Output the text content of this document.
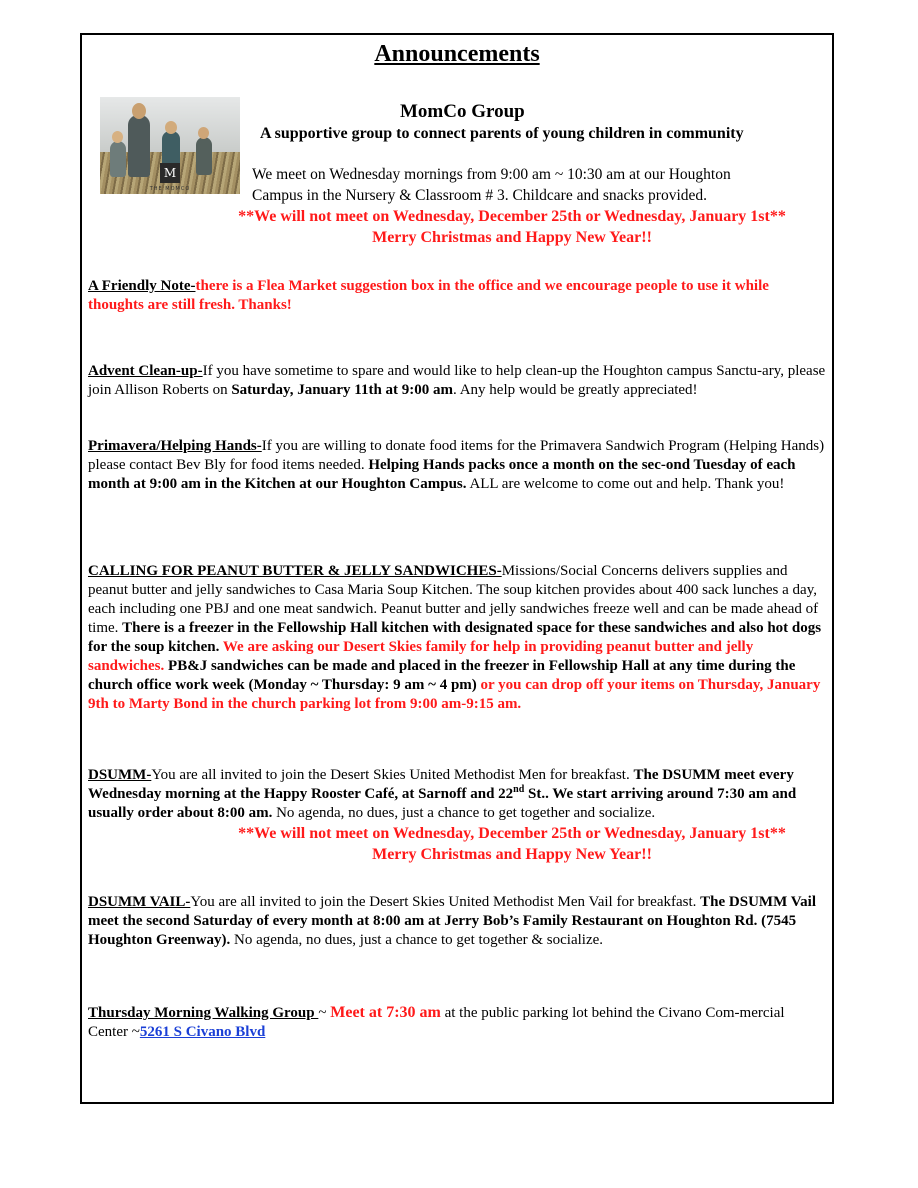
Announcements
M
THE MOMCO
MomCo Group
A supportive group to connect parents of young children in community
We meet on Wednesday mornings from 9:00 am ~ 10:30 am at our Houghton
Campus in the Nursery & Classroom # 3. Childcare and snacks provided.
**We will not meet on Wednesday, December 25th or Wednesday, January 1st**
Merry Christmas and Happy New Year!!
A Friendly Note-there is a Flea Market suggestion box in the office and we encourage people to use it while thoughts are still fresh. Thanks!
Advent Clean-up-If you have sometime to spare and would like to help clean-up the Houghton campus Sanctu-ary, please join Allison Roberts on Saturday, January 11th at 9:00 am. Any help would be greatly appreciated!
Primavera/Helping Hands-If you are willing to donate food items for the Primavera Sandwich Program (Helping Hands) please contact Bev Bly for food items needed. Helping Hands packs once a month on the sec-ond Tuesday of each month at 9:00 am in the Kitchen at our Houghton Campus. ALL are welcome to come out and help. Thank you!
CALLING FOR PEANUT BUTTER & JELLY SANDWICHES-Missions/Social Concerns delivers supplies and peanut butter and jelly sandwiches to Casa Maria Soup Kitchen. The soup kitchen provides about 400 sack lunches a day, each including one PBJ and one meat sandwich. Peanut butter and jelly sandwiches freeze well and can be made ahead of time. There is a freezer in the Fellowship Hall kitchen with designated space for these sandwiches and also hot dogs for the soup kitchen. We are asking our Desert Skies family for help in providing peanut butter and jelly sandwiches. PB&J sandwiches can be made and placed in the freezer in Fellowship Hall at any time during the church office work week (Monday ~ Thursday: 9 am ~ 4 pm) or you can drop off your items on Thursday, January 9th to Marty Bond in the church parking lot from 9:00 am-9:15 am.
DSUMM-You are all invited to join the Desert Skies United Methodist Men for breakfast. The DSUMM meet every Wednesday morning at the Happy Rooster Café, at Sarnoff and 22nd St.. We start arriving around 7:30 am and usually order about 8:00 am. No agenda, no dues, just a chance to get together and socialize.
**We will not meet on Wednesday, December 25th or Wednesday, January 1st**
Merry Christmas and Happy New Year!!
DSUMM VAIL-You are all invited to join the Desert Skies United Methodist Men Vail for breakfast. The DSUMM Vail meet the second Saturday of every month at 8:00 am at Jerry Bob’s Family Restaurant on Houghton Rd. (7545 Houghton Greenway). No agenda, no dues, just a chance to get together & socialize.
Thursday Morning Walking Group ~ Meet at 7:30 am at the public parking lot behind the Civano Com-mercial Center ~5261 S Civano Blvd
